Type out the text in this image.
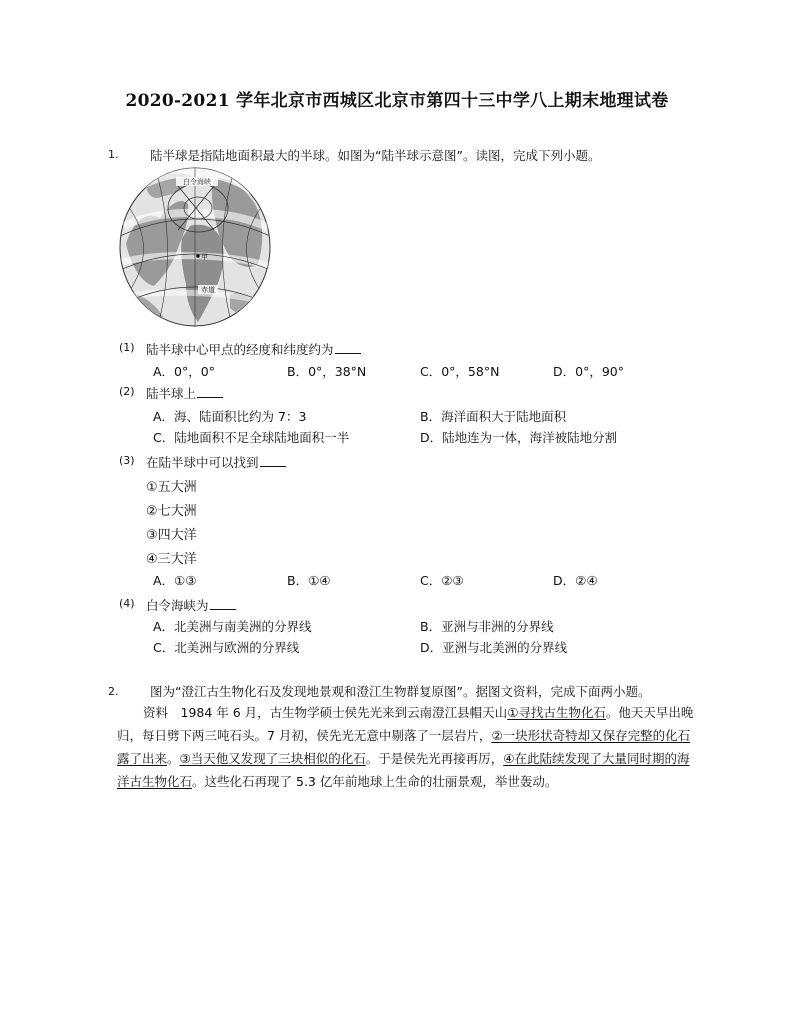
2020-2021 学年北京市西城区北京市第四十三中学八上期末地理试卷
1.	陆半球是指陆地面积最大的半球。如图为“陆半球示意图”。读图，完成下列小题。
白令海峡
甲
赤道
(1) 陆半球中心甲点的经度和纬度约为
A．0°，0°	B．0°，38°N	C．0°，58°N	D．0°，90°
(2) 陆半球上
A．海、陆面积比约为 7：3	B．海洋面积大于陆地面积
C．陆地面积不足全球陆地面积一半	D．陆地连为一体，海洋被陆地分割
(3) 在陆半球中可以找到
①五大洲
②七大洲
③四大洋
④三大洋
A．①③	B．①④	C．②③	D．②④
(4) 白令海峡为
A．北美洲与南美洲的分界线	B．亚洲与非洲的分界线
C．北美洲与欧洲的分界线	D．亚洲与北美洲的分界线
2.	图为“澄江古生物化石及发现地景观和澄江生物群复原图”。据图文资料，完成下面两小题。
资料　1984 年 6 月，古生物学硕士侯先光来到云南澄江县帽天山①寻找古生物化石。他天天早出晚归，每日劈下两三吨石头。7 月初，侯先光无意中剔落了一层岩片，②一块形状奇特却又保存完整的化石露了出来。③当天他又发现了三块相似的化石。于是侯先光再接再厉，④在此陆续发现了大量同时期的海洋古生物化石。这些化石再现了 5.3 亿年前地球上生命的壮丽景观，举世轰动。
